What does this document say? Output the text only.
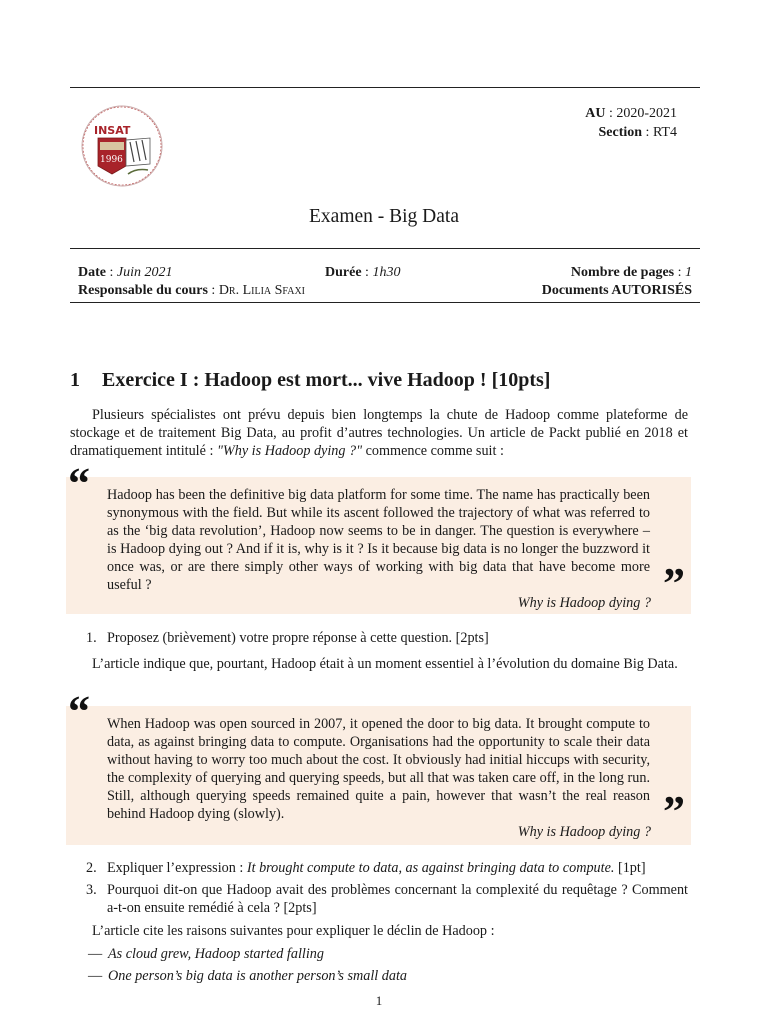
INSAT
1996
AU : 2020-2021
Section : RT4
Examen - Big Data
Date : Juin 2021	Durée : 1h30	Nombre de pages : 1
Responsable du cours : Dr. Lilia Sfaxi	Documents AUTORISÉS
1 Exercice I : Hadoop est mort... vive Hadoop ! [10pts]
Plusieurs spécialistes ont prévu depuis bien longtemps la chute de Hadoop comme plateforme de stockage et de traitement Big Data, au profit d’autres technologies. Un article de Packt publié en 2018 et dramatiquement intitulé : "Why is Hadoop dying ?" commence comme suit :
Hadoop has been the definitive big data platform for some time. The name has practically been synonymous with the field. But while its ascent followed the trajectory of what was referred to as the ‘big data revolution’, Hadoop now seems to be in danger. The question is everywhere – is Hadoop dying out ? And if it is, why is it ? Is it because big data is no longer the buzzword it once was, or are there simply other ways of working with big data that have become more useful ?
Why is Hadoop dying ?
“
”
1. Proposez (brièvement) votre propre réponse à cette question. [2pts]
L’article indique que, pourtant, Hadoop était à un moment essentiel à l’évolution du domaine Big Data.
When Hadoop was open sourced in 2007, it opened the door to big data. It brought compute to data, as against bringing data to compute. Organisations had the opportunity to scale their data without having to worry too much about the cost. It obviously had initial hiccups with security, the complexity of querying and querying speeds, but all that was taken care off, in the long run. Still, although querying speeds remained quite a pain, however that wasn’t the real reason behind Hadoop dying (slowly).
Why is Hadoop dying ?
“
”
2. Expliquer l’expression : It brought compute to data, as against bringing data to compute. [1pt]
3. Pourquoi dit-on que Hadoop avait des problèmes concernant la complexité du requêtage ? Comment a-t-on ensuite remédié à cela ? [2pts]
L’article cite les raisons suivantes pour expliquer le déclin de Hadoop :
— As cloud grew, Hadoop started falling
— One person’s big data is another person’s small data
1
